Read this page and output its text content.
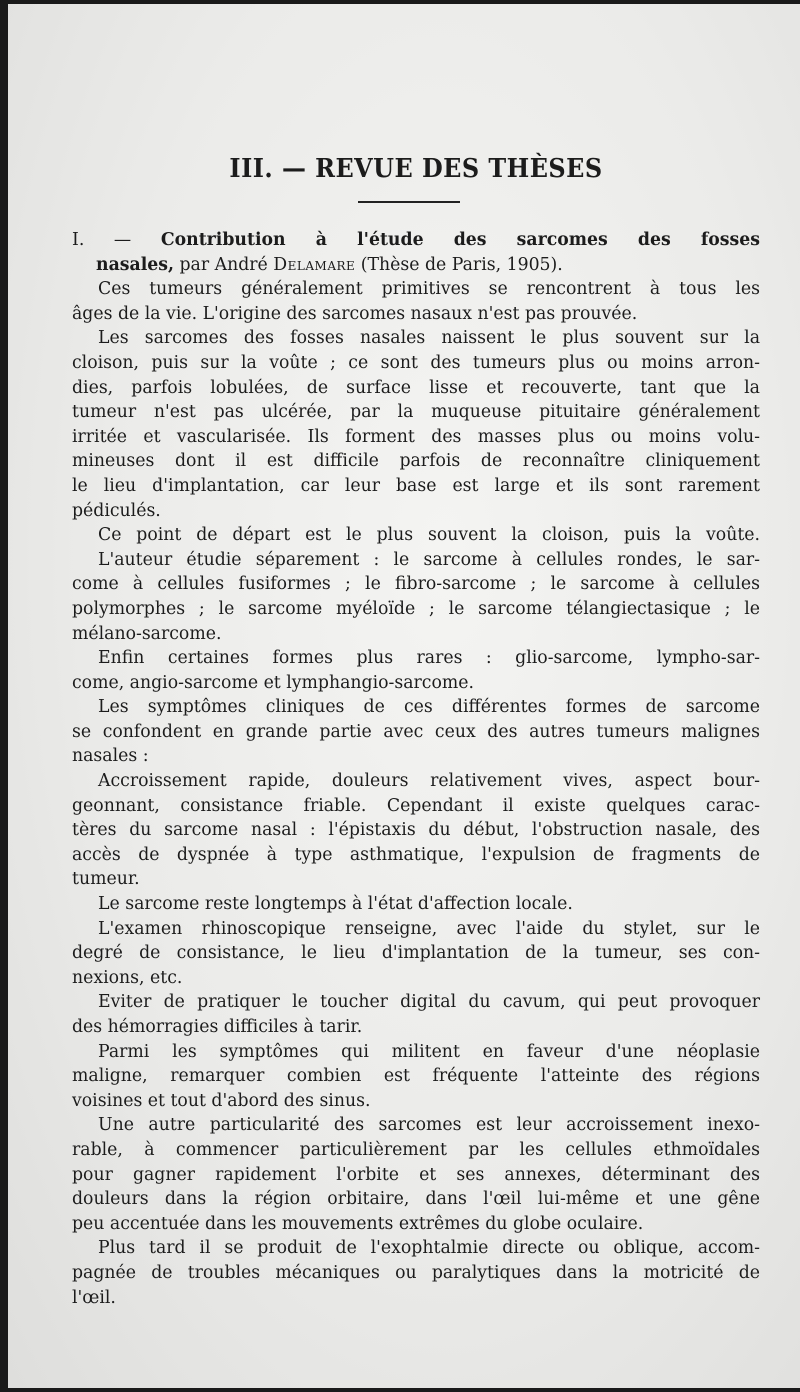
III. — REVUE DES THÈSES
I. — Contribution à l'étude des sarcomes des fosses
nasales, par André Delamare (Thèse de Paris, 1905).
Ces tumeurs généralement primitives se rencontrent à tous les
âges de la vie. L'origine des sarcomes nasaux n'est pas prouvée.
Les sarcomes des fosses nasales naissent le plus souvent sur la
cloison, puis sur la voûte ; ce sont des tumeurs plus ou moins arron-
dies, parfois lobulées, de surface lisse et recouverte, tant que la
tumeur n'est pas ulcérée, par la muqueuse pituitaire généralement
irritée et vascularisée. Ils forment des masses plus ou moins volu-
mineuses dont il est difficile parfois de reconnaître cliniquement
le lieu d'implantation, car leur base est large et ils sont rarement
pédiculés.
Ce point de départ est le plus souvent la cloison, puis la voûte.
L'auteur étudie séparement : le sarcome à cellules rondes, le sar-
come à cellules fusiformes ; le fibro-sarcome ; le sarcome à cellules
polymorphes ; le sarcome myéloïde ; le sarcome télangiectasique ; le
mélano-sarcome.
Enfin certaines formes plus rares : glio-sarcome, lympho-sar-
come, angio-sarcome et lymphangio-sarcome.
Les symptômes cliniques de ces différentes formes de sarcome
se confondent en grande partie avec ceux des autres tumeurs malignes
nasales :
Accroissement rapide, douleurs relativement vives, aspect bour-
geonnant, consistance friable. Cependant il existe quelques carac-
tères du sarcome nasal : l'épistaxis du début, l'obstruction nasale, des
accès de dyspnée à type asthmatique, l'expulsion de fragments de
tumeur.
Le sarcome reste longtemps à l'état d'affection locale.
L'examen rhinoscopique renseigne, avec l'aide du stylet, sur le
degré de consistance, le lieu d'implantation de la tumeur, ses con-
nexions, etc.
Eviter de pratiquer le toucher digital du cavum, qui peut provoquer
des hémorragies difficiles à tarir.
Parmi les symptômes qui militent en faveur d'une néoplasie
maligne, remarquer combien est fréquente l'atteinte des régions
voisines et tout d'abord des sinus.
Une autre particularité des sarcomes est leur accroissement inexo-
rable, à commencer particulièrement par les cellules ethmoïdales
pour gagner rapidement l'orbite et ses annexes, déterminant des
douleurs dans la région orbitaire, dans l'œil lui-même et une gêne
peu accentuée dans les mouvements extrêmes du globe oculaire.
Plus tard il se produit de l'exophtalmie directe ou oblique, accom-
pagnée de troubles mécaniques ou paralytiques dans la motricité de
l'œil.
